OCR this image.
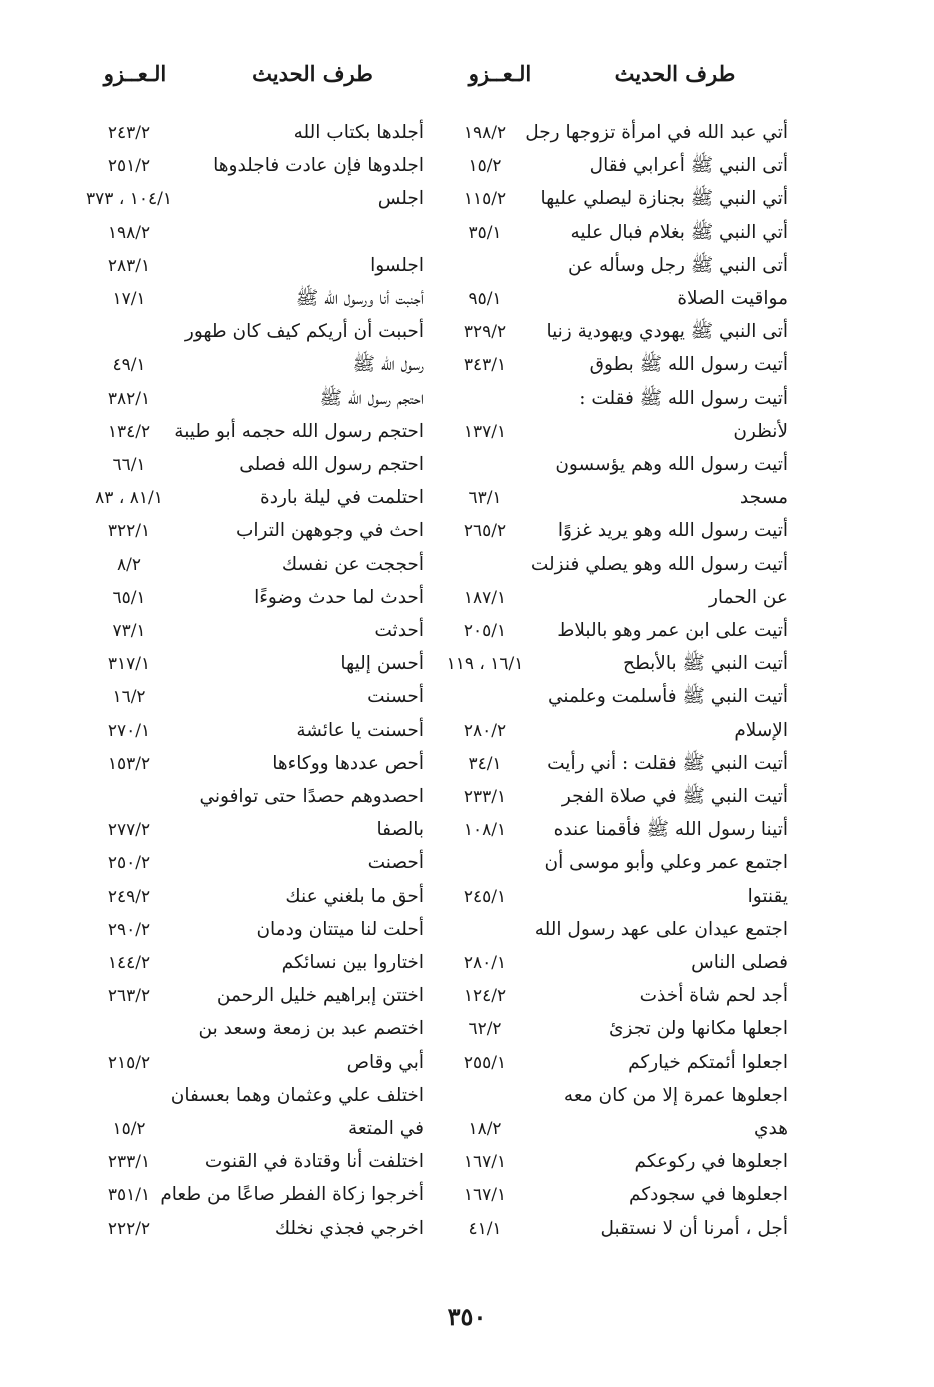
طرف الحديث
الـعــزو
طرف الحديث
الـعــزو
أتي عبد الله في امرأة تزوجها رجل
١٩٨/٢
أتى النبي ﷺ أعرابي فقال
١٥/٢
أتي النبي ﷺ بجنازة ليصلي عليها
١١٥/٢
أتي النبي ﷺ بغلام فبال عليه
٣٥/١
أتى النبي ﷺ رجل وسأله عن
مواقيت الصلاة
٩٥/١
أتى النبي ﷺ يهودي ويهودية زنيا
٣٢٩/٢
أتيت رسول الله ﷺ بطوق
٣٤٣/١
أتيت رسول الله ﷺ فقلت :
لأنظرن
١٣٧/١
أتيت رسول الله وهم يؤسسون
مسجد
٦٣/١
أتيت رسول الله وهو يريد غزوًا
٢٦٥/٢
أتيت رسول الله وهو يصلي فنزلت
عن الحمار
١٨٧/١
أتيت على ابن عمر وهو بالبلاط
٢٠٥/١
أتيت النبي ﷺ بالأبطح
١٦/١ ، ١١٩
أتيت النبي ﷺ فأسلمت وعلمني
الإسلام
٢٨٠/٢
أتيت النبي ﷺ فقلت : أني رأيت
٣٤/١
أتيت النبي ﷺ في صلاة الفجر
٢٣٣/١
أتينا رسول الله ﷺ فأقمنا عنده
١٠٨/١
اجتمع عمر وعلي وأبو موسى أن
يقنتوا
٢٤٥/١
اجتمع عيدان على عهد رسول الله
فصلى الناس
٢٨٠/١
أجد لحم شاة أخذت
١٢٤/٢
اجعلها مكانها ولن تجزئ
٦٢/٢
اجعلوا أئمتكم خياركم
٢٥٥/١
اجعلوها عمرة إلا من كان معه
هدي
١٨/٢
اجعلوها في ركوعكم
١٦٧/١
اجعلوها في سجودكم
١٦٧/١
أجل ، أمرنا أن لا نستقبل
٤١/١
أجلدها بكتاب الله
٢٤٣/٢
اجلدوها فإن عادت فاجلدوها
٢٥١/٢
اجلس
١٠٤/١ ، ٣٧٣
١٩٨/٢
اجلسوا
٢٨٣/١
أجنبت أنا ورسول الله ﷺ
١٧/١
أحببت أن أريكم كيف كان طهور
رسول الله ﷺ
٤٩/١
احتجم رسول الله ﷺ
٣٨٢/١
احتجم رسول الله حجمه أبو طيبة
١٣٤/٢
احتجم رسول الله فصلى
٦٦/١
احتلمت في ليلة باردة
٨١/١ ، ٨٣
احث في وجوههن التراب
٣٢٢/١
أحججت عن نفسك
٨/٢
أحدث لما حدث وضوءًا
٦٥/١
أحدثت
٧٣/١
أحسن إليها
٣١٧/١
أحسنت
١٦/٢
أحسنت يا عائشة
٢٧٠/١
أحص عددها ووكاءها
١٥٣/٢
احصدوهم حصدًا حتى توافوني
بالصفا
٢٧٧/٢
أحصنت
٢٥٠/٢
أحق ما بلغني عنك
٢٤٩/٢
أحلت لنا ميتتان ودمان
٢٩٠/٢
اختاروا بين نسائكم
١٤٤/٢
اختتن إبراهيم خليل الرحمن
٢٦٣/٢
اختصم عبد بن زمعة وسعد بن
أبي وقاص
٢١٥/٢
اختلف علي وعثمان وهما بعسفان
في المتعة
١٥/٢
اختلفت أنا وقتادة في القنوت
٢٣٣/١
أخرجوا زكاة الفطر صاعًا من طعام
٣٥١/١
اخرجي فجذي نخلك
٢٢٢/٢
٣٥٠
